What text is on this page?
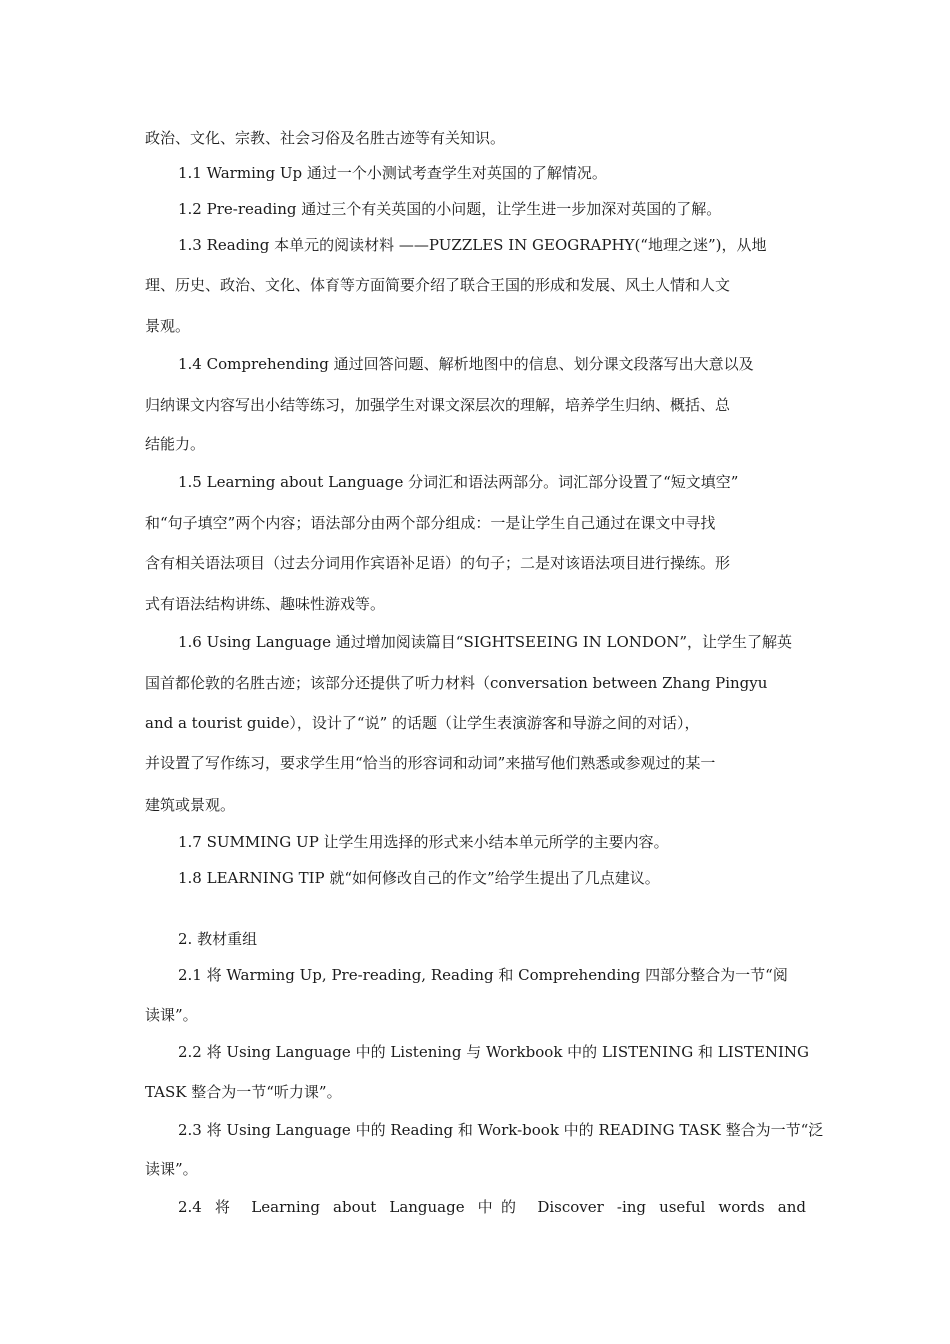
政治、文化、宗教、社会习俗及名胜古迹等有关知识。
1.1 Warming Up 通过一个小测试考查学生对英国的了解情况。
1.2 Pre-reading 通过三个有关英国的小问题，让学生进一步加深对英国的了解。
1.3 Reading 本单元的阅读材料 ——PUZZLES IN GEOGRAPHY(“地理之迷”)，从地
理、历史、政治、文化、体育等方面简要介绍了联合王国的形成和发展、风土人情和人文
景观。
1.4 Comprehending 通过回答问题、解析地图中的信息、划分课文段落写出大意以及
归纳课文内容写出小结等练习，加强学生对课文深层次的理解，培养学生归纳、概括、总
结能力。
1.5 Learning about Language 分词汇和语法两部分。词汇部分设置了“短文填空”
和“句子填空”两个内容；语法部分由两个部分组成：一是让学生自己通过在课文中寻找
含有相关语法项目（过去分词用作宾语补足语）的句子；二是对该语法项目进行操练。形
式有语法结构讲练、趣味性游戏等。
1.6 Using Language 通过增加阅读篇目“SIGHTSEEING IN LONDON”，让学生了解英
国首都伦敦的名胜古迹；该部分还提供了听力材料（conversation between Zhang Pingyu
and a tourist guide），设计了“说” 的话题（让学生表演游客和导游之间的对话），
并设置了写作练习，要求学生用“恰当的形容词和动词”来描写他们熟悉或参观过的某一
建筑或景观。
1.7 SUMMING UP 让学生用选择的形式来小结本单元所学的主要内容。
1.8 LEARNING TIP 就“如何修改自己的作文”给学生提出了几点建议。
2. 教材重组
2.1 将 Warming Up, Pre-reading, Reading 和 Comprehending 四部分整合为一节“阅
读课”。
2.2 将 Using Language 中的 Listening 与 Workbook 中的 LISTENING 和 LISTENING
TASK 整合为一节“听力课”。
2.3 将 Using Language 中的 Reading 和 Work-book 中的 READING TASK 整合为一节“泛
读课”。
2.4 将 Learning about Language 中的 Discover -ing useful words and
